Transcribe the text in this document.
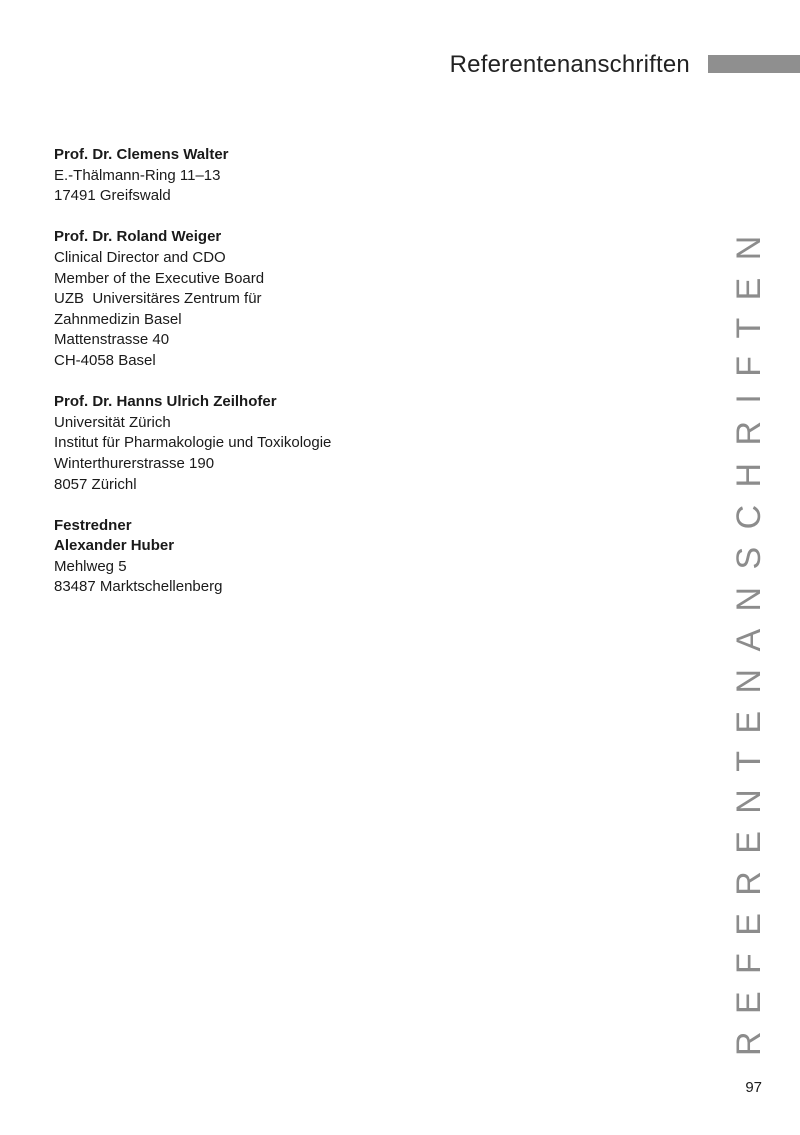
Referentenanschriften
Prof. Dr. Clemens Walter
E.-Thälmann-Ring 11–13
17491 Greifswald
Prof. Dr. Roland Weiger
Clinical Director and CDO
Member of the Executive Board
UZB  Universitäres Zentrum für
Zahnmedizin Basel
Mattenstrasse 40
CH-4058 Basel
Prof. Dr. Hanns Ulrich Zeilhofer
Universität Zürich
Institut für Pharmakologie und Toxikologie
Winterthurerstrasse 190
8057 Zürichl
Festredner
Alexander Huber
Mehlweg 5
83487 Marktschellenberg	REFERENTENANSCHRIFTEN
97
